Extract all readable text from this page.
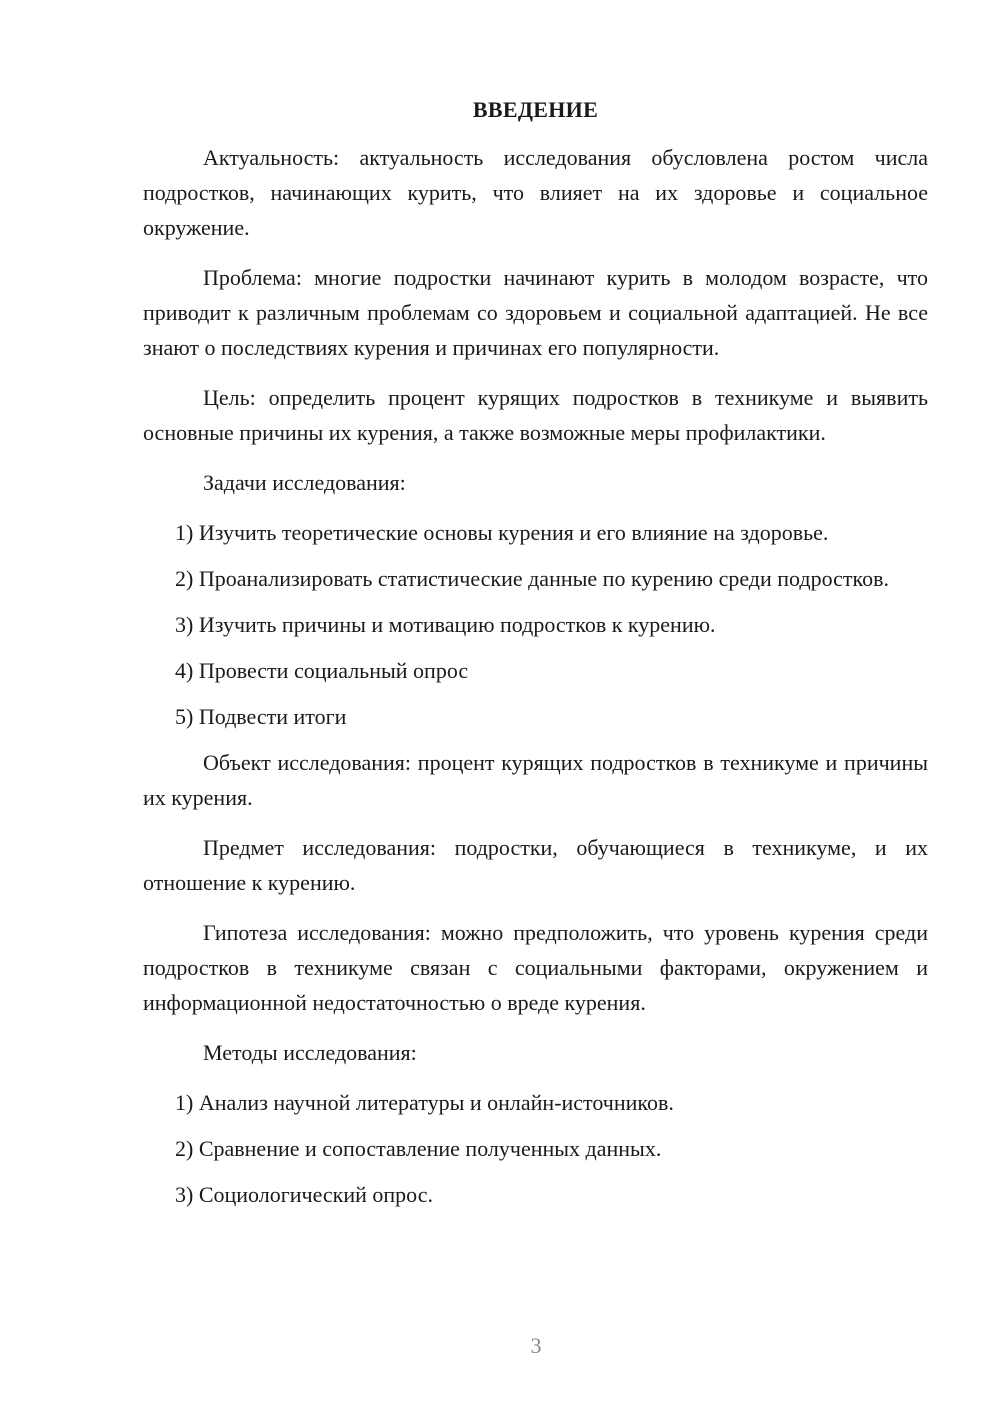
ВВЕДЕНИЕ

Актуальность: актуальность исследования обусловлена ростом числа подростков, начинающих курить, что влияет на их здоровье и социальное окружение.

Проблема: многие подростки начинают курить в молодом возрасте, что приводит к различным проблемам со здоровьем и социальной адаптацией. Не все знают о последствиях курения и причинах его популярности.

Цель: определить процент курящих подростков в техникуме и выявить основные причины их курения, а также возможные меры профилактики.

Задачи исследования:

1) Изучить теоретические основы курения и его влияние на здоровье.

2) Проанализировать статистические данные по курению среди подростков.

3) Изучить причины и мотивацию подростков к курению.

4) Провести социальный опрос

5) Подвести итоги

Объект исследования: процент курящих подростков в техникуме и причины их курения.

Предмет исследования: подростки, обучающиеся в техникуме, и их отношение к курению.

Гипотеза исследования: можно предположить, что уровень курения среди подростков в техникуме связан с социальными факторами, окружением и информационной недостаточностью о вреде курения.

Методы исследования:

1) Анализ научной литературы и онлайн-источников.

2) Сравнение и сопоставление полученных данных.

3) Социологический опрос.

3
